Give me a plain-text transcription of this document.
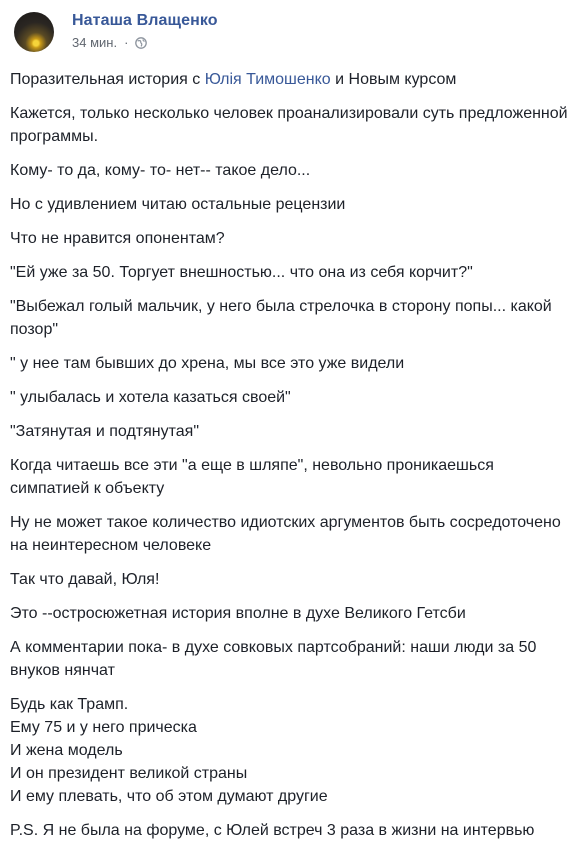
Наташа Влащенко
34 мин. ·

Поразительная история с Юлія Тимошенко и Новым курсом

Кажется, только несколько человек проанализировали суть предложенной программы.

Кому- то да, кому- то- нет-- такое дело...

Но с удивлением читаю остальные рецензии

Что не нравится опонентам?

"Ей уже за 50. Торгует внешностью... что она из себя корчит?"

"Выбежал голый мальчик, у него была стрелочка в сторону попы... какой позор"

" у нее там бывших до хрена, мы все это уже видели

" улыбалась и хотела казаться своей"

"Затянутая и подтянутая"

Когда читаешь все эти "а еще в шляпе", невольно проникаешься симпатией к объекту

Ну не может такое количество идиотских аргументов быть сосредоточено на неинтересном человеке

Так что давай, Юля!

Это --остросюжетная история вполне в духе Великого Гетсби

А комментарии пока- в духе совковых партсобраний: наши люди за 50 внуков нянчат

Будь как Трамп.
Ему 75 и у него прическа
И жена модель
И он президент великой страны
И ему плевать, что об этом думают другие

P.S. Я не была на форуме, с Юлей встреч 3 раза в жизни на интервью
